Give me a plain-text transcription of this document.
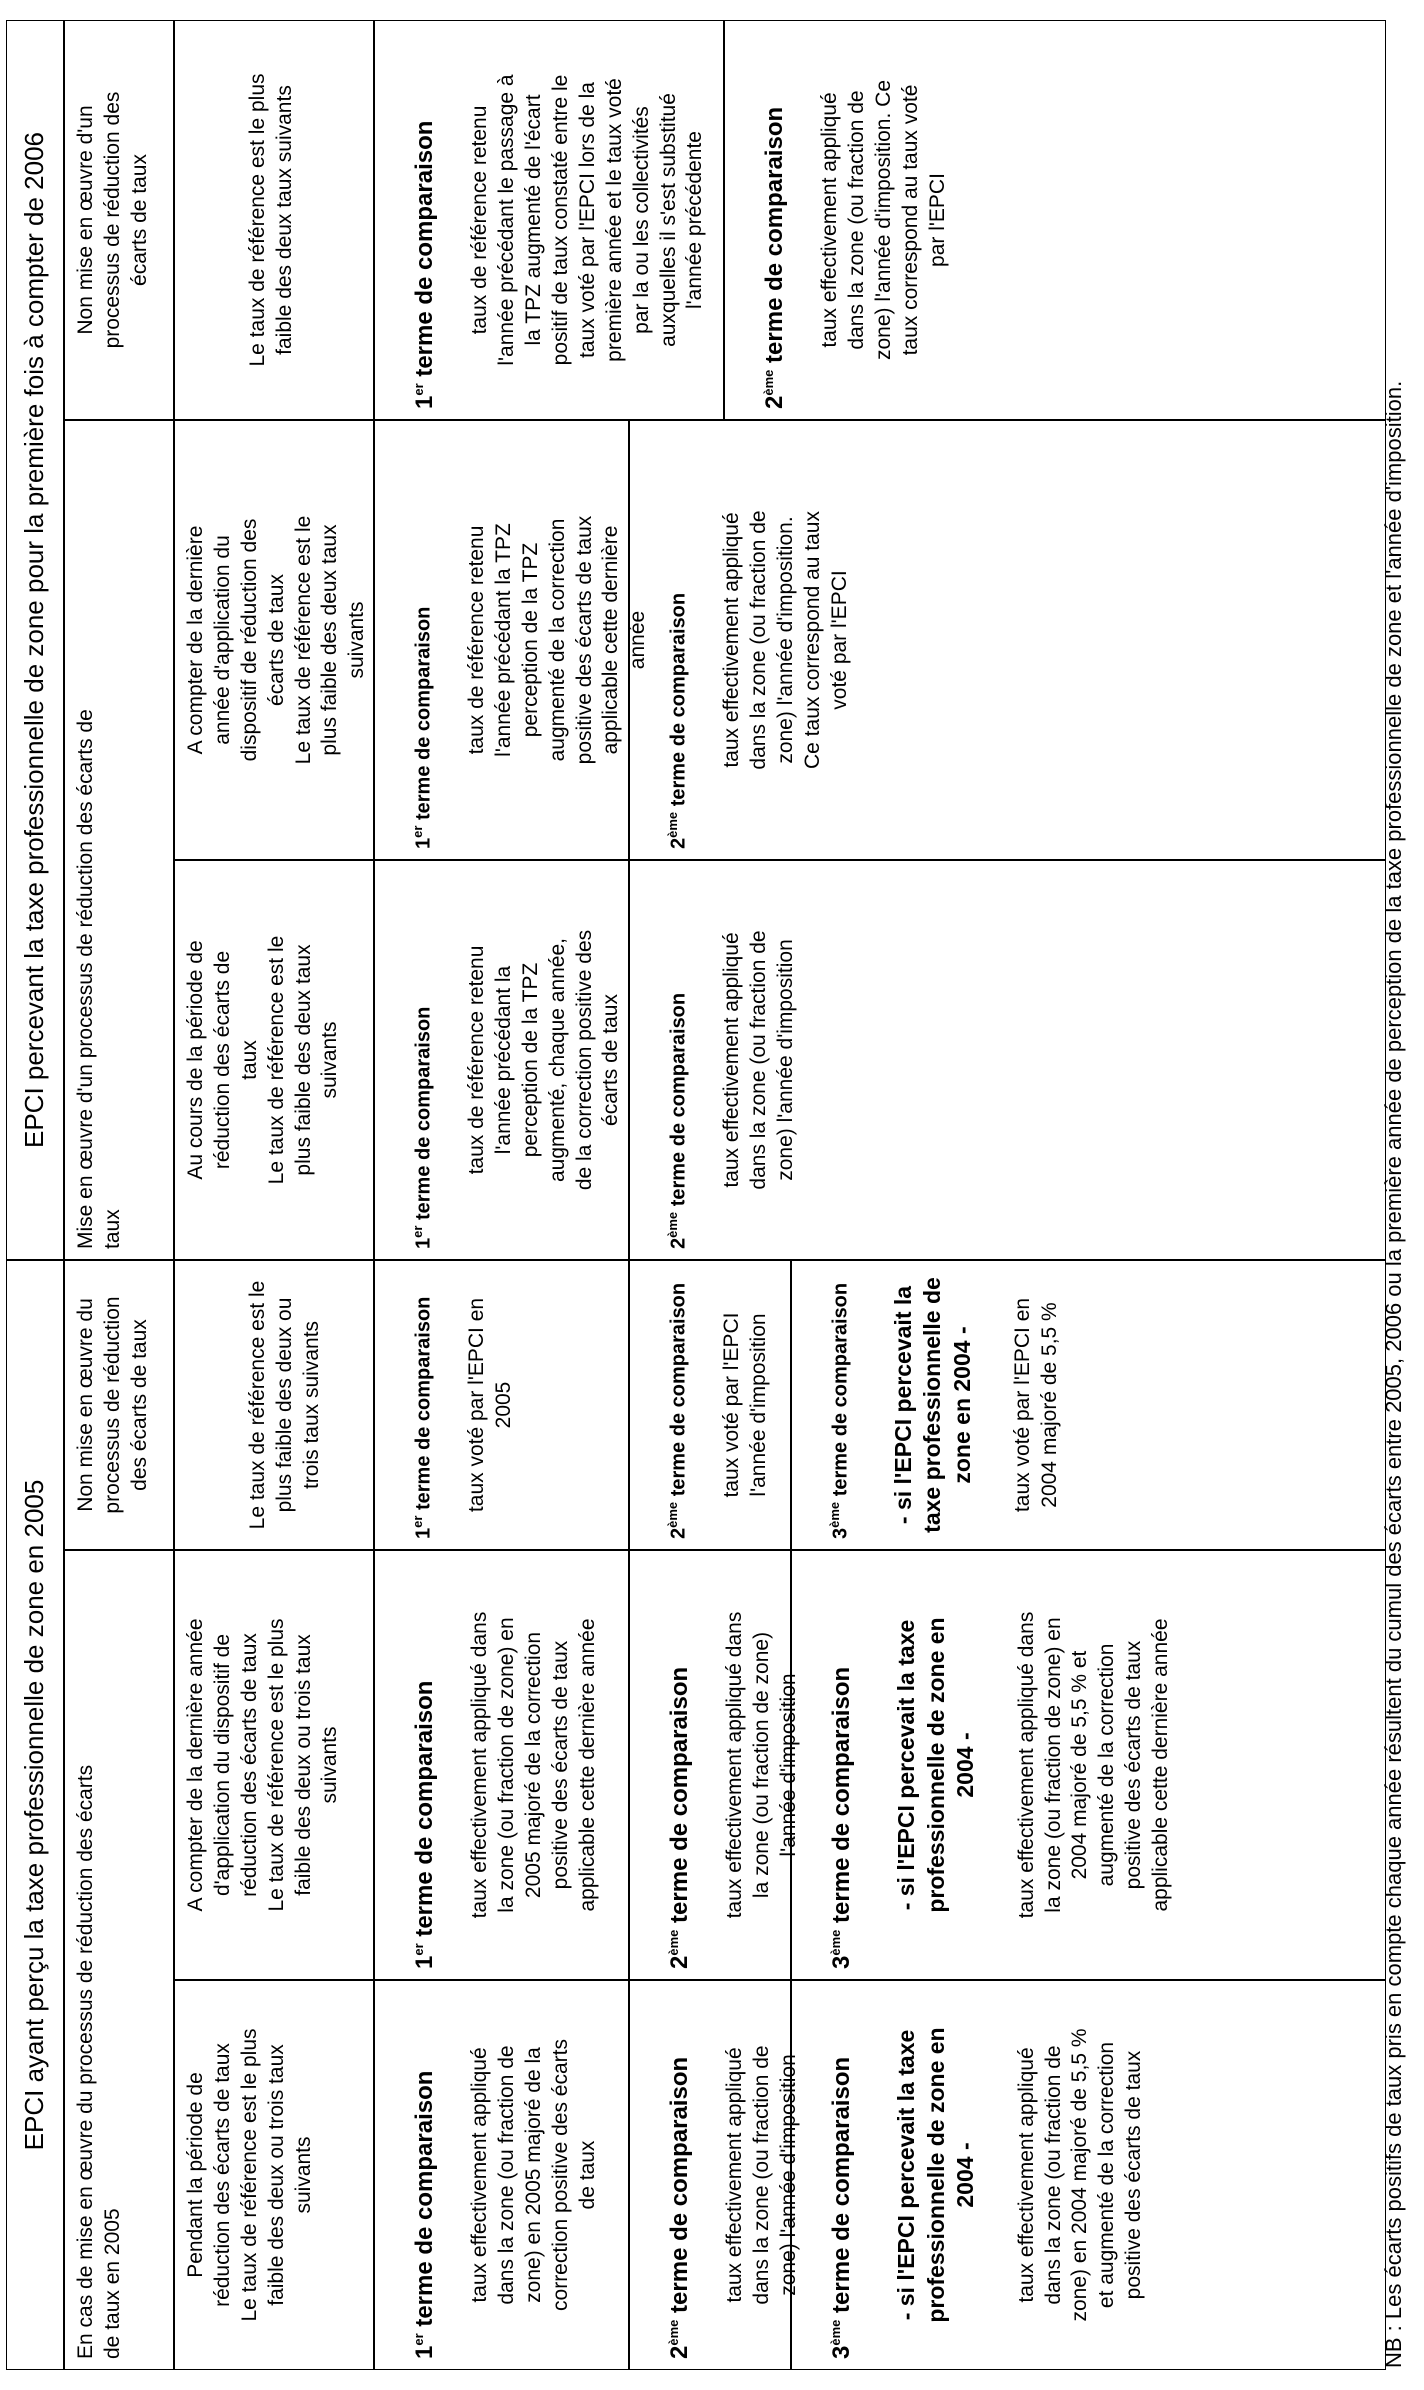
EPCI ayant perçu la taxe professionnelle de zone en 2005
EPCI percevant la taxe professionnelle de zone pour la première fois à compter de 2006
En cas de mise en œuvre du processus de réduction des écarts
de taux en 2005
Non mise en œuvre du
processus de réduction
des écarts de taux
Mise en œuvre d'un processus de réduction des écarts de
taux
Non mise en œuvre d'un
processus de réduction des
écarts de taux
Pendant la période de
réduction des écarts de taux
Le taux de référence est le plus
faible des deux ou trois taux
suivants
A compter de la dernière année
d'application du dispositif de
réduction des écarts de taux
Le taux de référence est le plus
faible des deux ou trois taux
suivants
Le taux de référence est le
plus faible des deux ou
trois taux suivants
Au cours de la période de
réduction des écarts de
taux
Le taux de référence est le
plus faible des deux taux
suivants
A compter de la dernière
année d'application du
dispositif de réduction des
écarts de taux
Le taux de référence est le
plus faible des deux taux
suivants
Le taux de référence est le plus
faible des deux taux suivants

1er terme de comparaison taux effectivement appliqué
dans la zone (ou fraction de
zone) en 2005 majoré de la
correction positive des écarts
de taux

1er terme de comparaison taux effectivement appliqué dans
la zone (ou fraction de zone) en
2005 majoré de la correction
positive des écarts de taux
applicable cette dernière année

1er terme de comparaison taux voté par l'EPCI en
2005

1er terme de comparaison taux de référence retenu
l'année précédant la
perception de la TPZ
augmenté, chaque année,
de la correction positive des
écarts de taux

1er terme de comparaison taux de référence retenu
l'année précédant la TPZ
perception de la TPZ
augmenté de la correction
positive des écarts de taux
applicable cette dernière
année

1er terme de comparaison taux de référence retenu
l'année précédant le passage à
la TPZ augmenté de l'écart
positif de taux constaté entre le
taux voté par l'EPCI lors de la
première année et le taux voté
par la ou les collectivités
auxquelles il s'est substitué
l'année précédente

2ème terme de comparaison taux effectivement appliqué
dans la zone (ou fraction de
zone) l'année d'imposition

2ème terme de comparaison taux effectivement appliqué dans
la zone (ou fraction de zone)
l'année d'imposition

2ème terme de comparaison taux voté par l'EPCI
l'année d'imposition

2ème terme de comparaison taux effectivement appliqué
dans la zone (ou fraction de
zone) l'année d'imposition

2ème terme de comparaison taux effectivement appliqué
dans la zone (ou fraction de
zone) l'année d'imposition.
Ce taux correspond au taux
voté par l'EPCI

2ème terme de comparaison taux effectivement appliqué
dans la zone (ou fraction de
zone) l'année d'imposition. Ce
taux correspond au taux voté
par l'EPCI

3ème terme de comparaison - si l'EPCI percevait la taxe
professionnelle de zone en
2004 -

taux effectivement appliqué
dans la zone (ou fraction de
zone) en 2004 majoré de 5,5 %
et augmenté de la correction
positive des écarts de taux

3ème terme de comparaison - si l'EPCI percevait la taxe
professionnelle de zone en
2004 -

taux effectivement appliqué dans
la zone (ou fraction de zone) en
2004 majoré de 5,5 % et
augmenté de la correction
positive des écarts de taux
applicable cette dernière année

3ème terme de comparaison

- si l'EPCI percevait la
taxe professionnelle de
zone en 2004 -

taux voté par l'EPCI en
2004 majoré de 5,5 %	NB : Les écarts positifs de taux pris en compte chaque année résultent du cumul des écarts entre 2005, 2006 ou la première année de perception de la taxe professionnelle de zone et l'année d'imposition.
